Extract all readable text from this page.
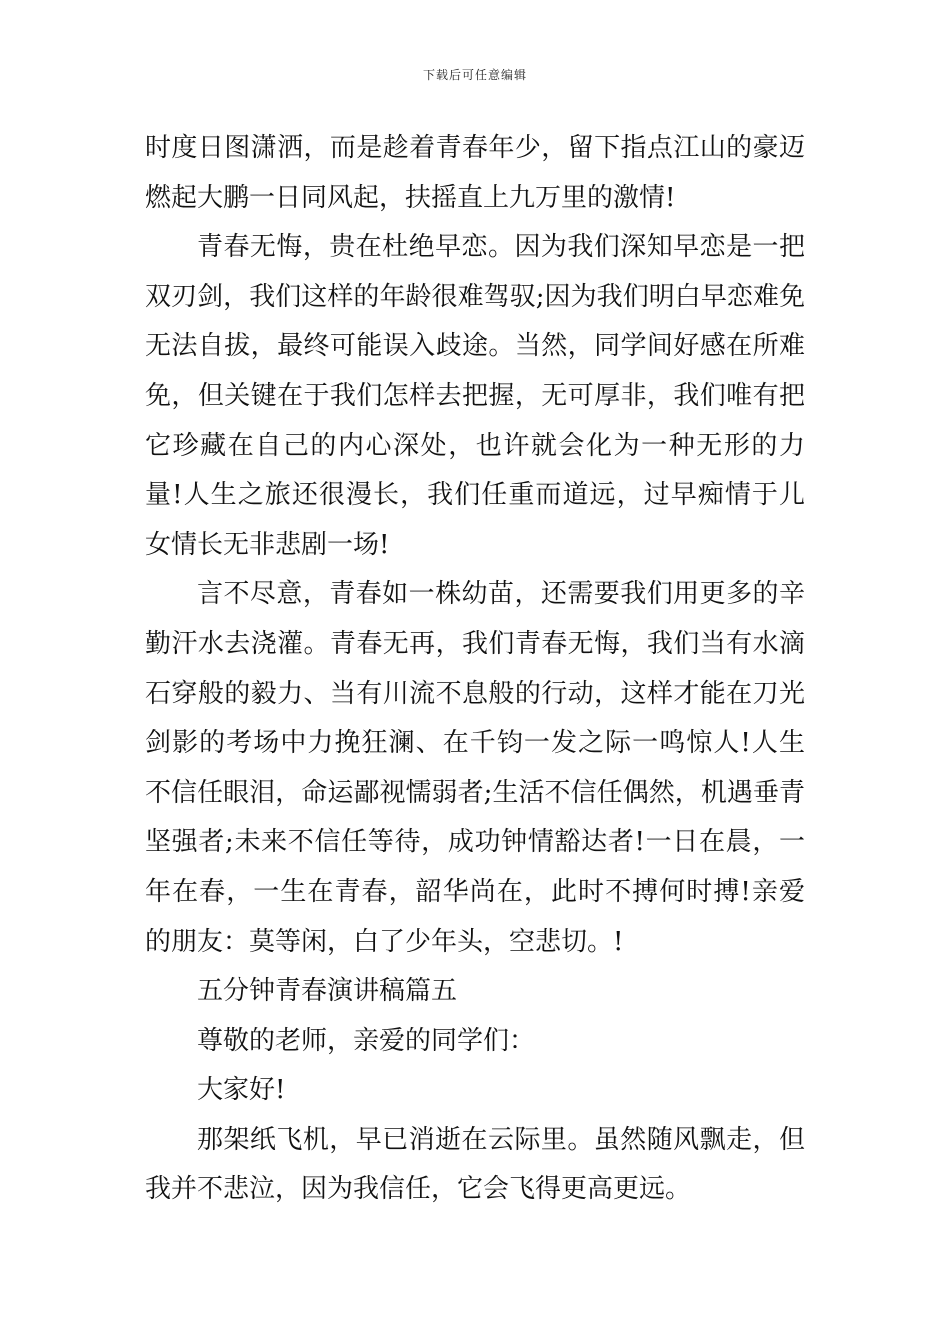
下载后可任意编辑

时度日图潇洒，而是趁着青春年少，留下指点江山的豪迈燃起大鹏一日同风起，扶摇直上九万里的激情!

青春无悔，贵在杜绝早恋。因为我们深知早恋是一把双刃剑，我们这样的年龄很难驾驭;因为我们明白早恋难免无法自拔，最终可能误入歧途。当然，同学间好感在所难免，但关键在于我们怎样去把握，无可厚非，我们唯有把它珍藏在自己的内心深处，也许就会化为一种无形的力量!人生之旅还很漫长，我们任重而道远，过早痴情于儿女情长无非悲剧一场!

言不尽意，青春如一株幼苗，还需要我们用更多的辛勤汗水去浇灌。青春无再，我们青春无悔，我们当有水滴石穿般的毅力、当有川流不息般的行动，这样才能在刀光剑影的考场中力挽狂澜、在千钧一发之际一鸣惊人!人生不信任眼泪，命运鄙视懦弱者;生活不信任偶然，机遇垂青坚强者;未来不信任等待，成功钟情豁达者!一日在晨，一年在春，一生在青春，韶华尚在，此时不搏何时搏!亲爱的朋友：莫等闲，白了少年头，空悲切。!

五分钟青春演讲稿篇五

尊敬的老师，亲爱的同学们：

大家好!

那架纸飞机，早已消逝在云际里。虽然随风飘走，但我并不悲泣，因为我信任，它会飞得更高更远。
